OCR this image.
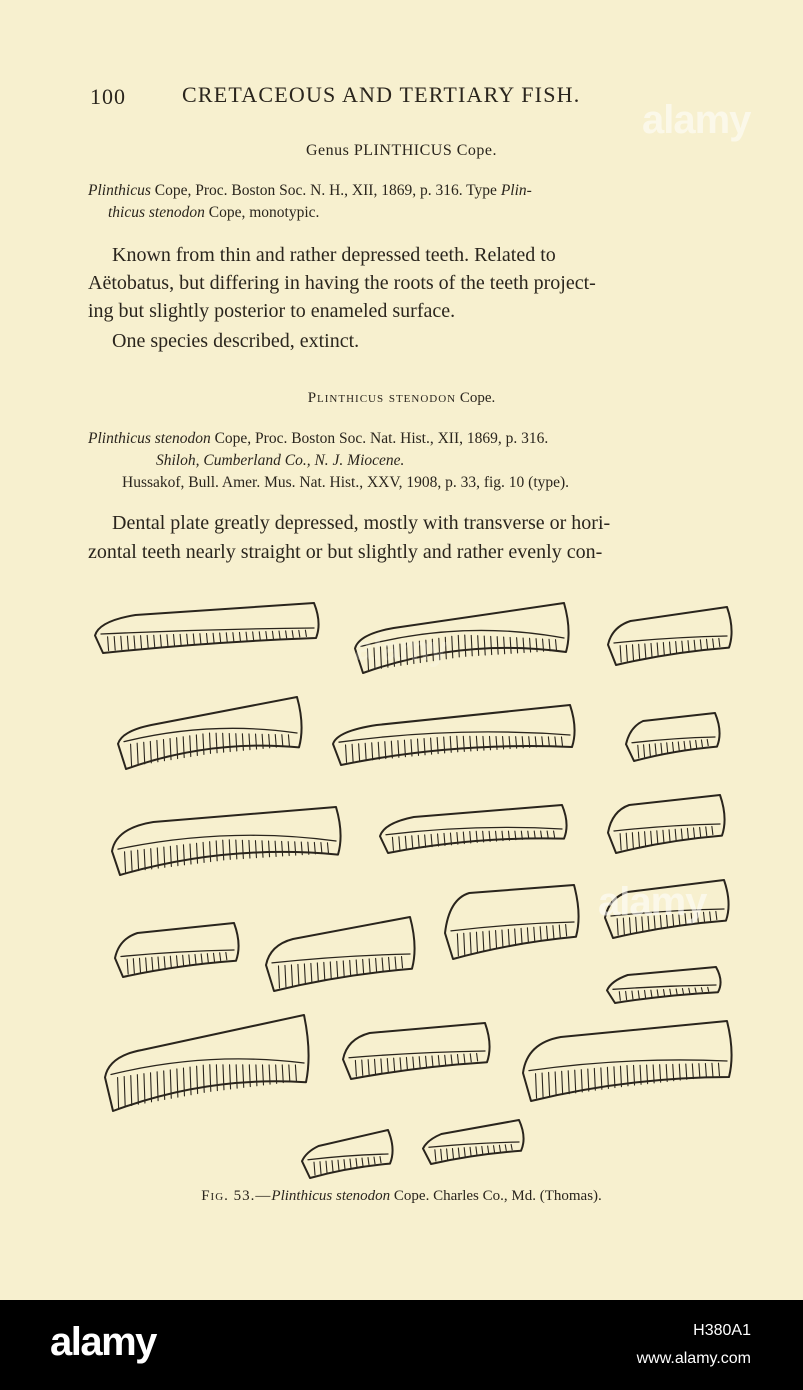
100	CRETACEOUS AND TERTIARY FISH.
Genus PLINTHICUS Cope.
Plinthicus Cope, Proc. Boston Soc. N. H., XII, 1869, p. 316. Type Plin-
thicus stenodon Cope, monotypic.
Known from thin and rather depressed teeth. Related to
Aëtobatus, but differing in having the roots of the teeth project-
ing but slightly posterior to enameled surface.
One species described, extinct.
Plinthicus stenodon Cope.
Plinthicus stenodon Cope, Proc. Boston Soc. Nat. Hist., XII, 1869, p. 316.
Shiloh, Cumberland Co., N. J. Miocene.
Hussakof, Bull. Amer. Mus. Nat. Hist., XXV, 1908, p. 33, fig. 10 (type).
Dental plate greatly depressed, mostly with transverse or hori-
zontal teeth nearly straight or but slightly and rather evenly con-
Fig. 53.—Plinthicus stenodon Cope. Charles Co., Md. (Thomas).
alamy
alamy
alamy
alamy	H380A1
www.alamy.com
